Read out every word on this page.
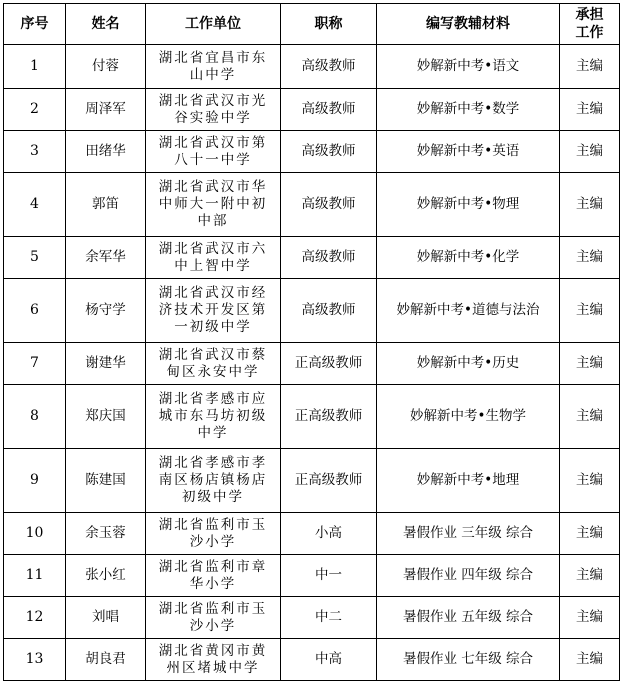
序号	姓名	工作单位	职称	编写教辅材料	承担工作
1	付蓉	湖北省宜昌市东山中学	高级教师	妙解新中考•语文	主编
2	周泽军	湖北省武汉市光谷实验中学	高级教师	妙解新中考•数学	主编
3	田绪华	湖北省武汉市第八十一中学	高级教师	妙解新中考•英语	主编
4	郭笛	湖北省武汉市华中师大一附中初中部	高级教师	妙解新中考•物理	主编
5	余军华	湖北省武汉市六中上智中学	高级教师	妙解新中考•化学	主编
6	杨守学	湖北省武汉市经济技术开发区第一初级中学	高级教师	妙解新中考•道德与法治	主编
7	谢建华	湖北省武汉市蔡甸区永安中学	正高级教师	妙解新中考•历史	主编
8	郑庆国	湖北省孝感市应城市东马坊初级中学	正高级教师	妙解新中考•生物学	主编
9	陈建国	湖北省孝感市孝南区杨店镇杨店初级中学	正高级教师	妙解新中考•地理	主编
10	余玉蓉	湖北省监利市玉沙小学	小高	暑假作业 三年级 综合	主编
11	张小红	湖北省监利市章华小学	中一	暑假作业 四年级 综合	主编
12	刘唱	湖北省监利市玉沙小学	中二	暑假作业 五年级 综合	主编
13	胡良君	湖北省黄冈市黄州区堵城中学	中高	暑假作业 七年级 综合	主编
